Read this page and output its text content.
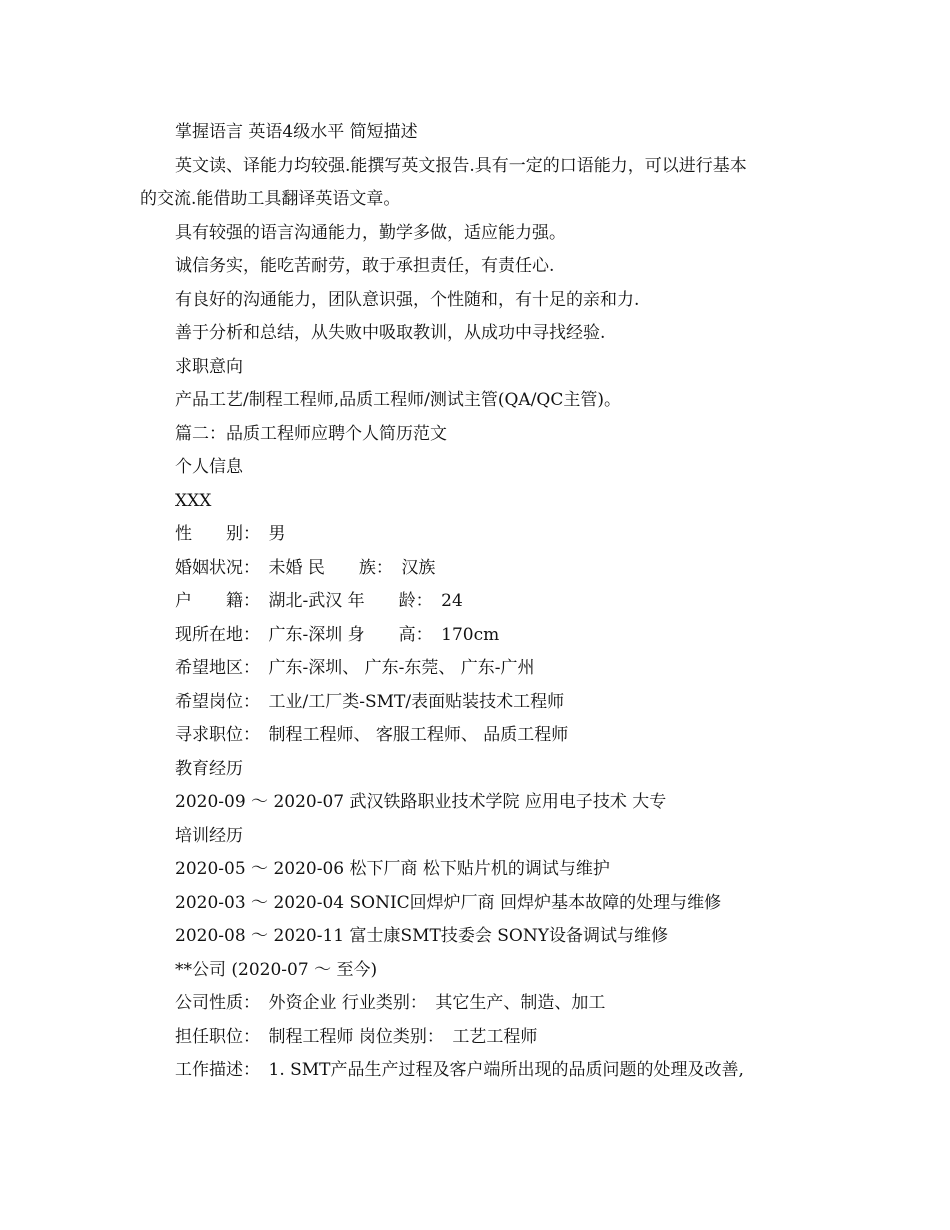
掌握语言 英语4级水平 简短描述
英文读、译能力均较强.能撰写英文报告.具有一定的口语能力，可以进行基本
的交流.能借助工具翻译英语文章。
具有较强的语言沟通能力，勤学多做，适应能力强。
诚信务实，能吃苦耐劳，敢于承担责任，有责任心.
有良好的沟通能力，团队意识强，个性随和，有十足的亲和力.
善于分析和总结，从失败中吸取教训，从成功中寻找经验.
求职意向
产品工艺/制程工程师,品质工程师/测试主管(QA/QC主管)。
篇二：品质工程师应聘个人简历范文
个人信息
XXX
性　　别：　男
婚姻状况：　未婚 民　　族：　汉族
户　　籍：　湖北-武汉 年　　龄：　24
现所在地：　广东-深圳 身　　高：　170cm
希望地区：　广东-深圳、 广东-东莞、 广东-广州
希望岗位：　工业/工厂类-SMT/表面贴装技术工程师
寻求职位：　制程工程师、 客服工程师、 品质工程师
教育经历
2020-09 ～ 2020-07 武汉铁路职业技术学院 应用电子技术 大专
培训经历
2020-05 ～ 2020-06 松下厂商 松下贴片机的调试与维护
2020-03 ～ 2020-04 SONIC回焊炉厂商 回焊炉基本故障的处理与维修
2020-08 ～ 2020-11 富士康SMT技委会 SONY设备调试与维修
**公司 (2020-07 ～ 至今)
公司性质：　外资企业 行业类别：　其它生产、制造、加工
担任职位：　制程工程师 岗位类别：　工艺工程师
工作描述：　1. SMT产品生产过程及客户端所出现的品质问题的处理及改善,
